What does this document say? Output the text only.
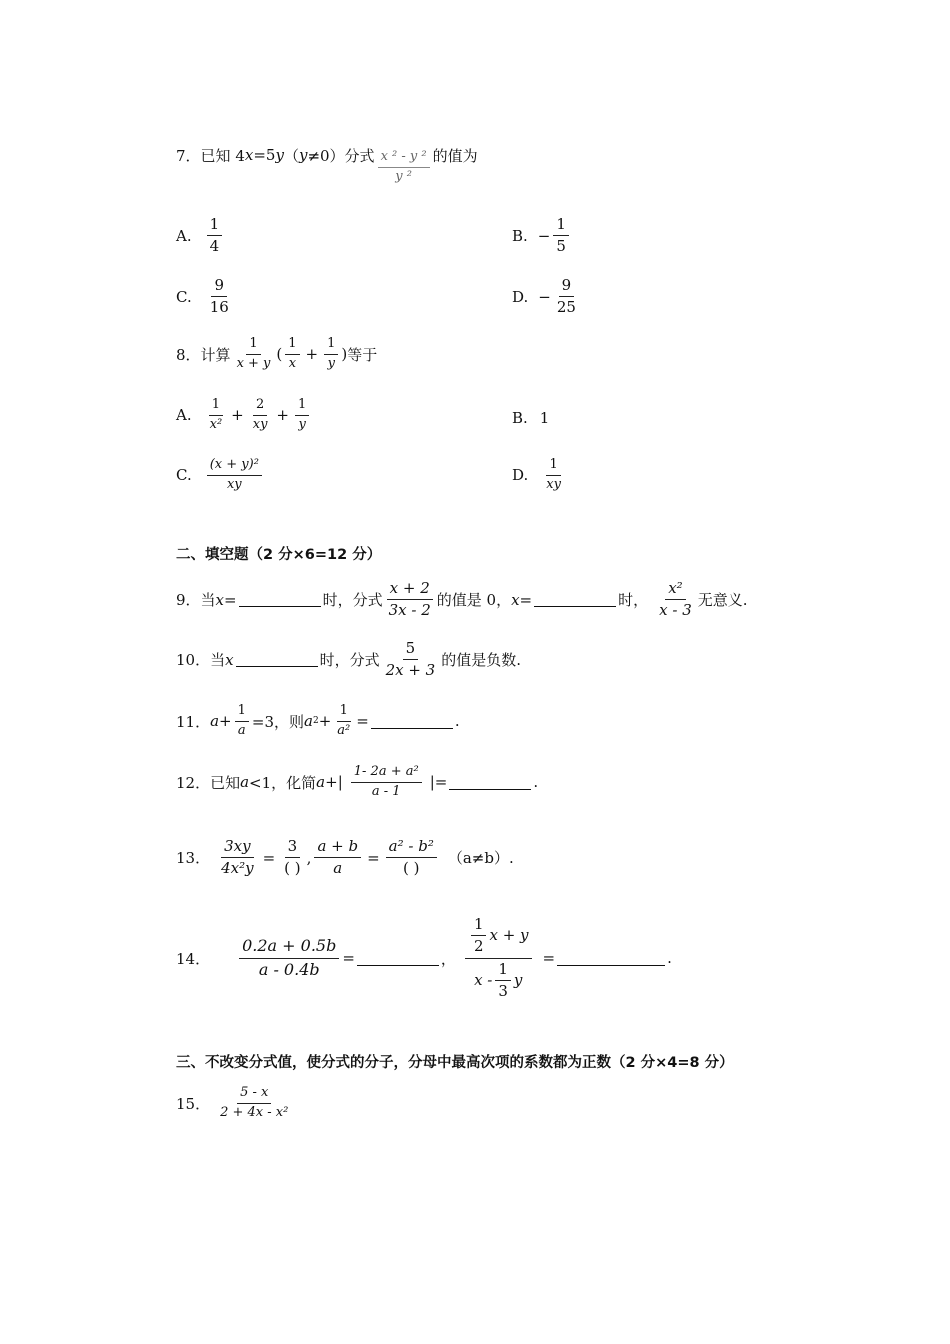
7． 已知 4 x =5 y （ y ≠0）分式 $\frac{\text{x ² - y ²}}{\text{y ²}}$ 的值为
A. $\frac{1}{4}$	B. − $\frac{1}{5}$
C. $\frac{9}{16}$	D. − $\frac{9}{25}$
8． 计算 $\frac{1}{x + y}$ ( $\frac{1}{x} + \frac{1}{y}$ ) 等于
A. $\frac{1}{\text{x²}} + \frac{2}{xy} + \frac{1}{y}$	B. 1
C. $\frac{\text{(x + y)²}}{xy}$	D. $\frac{1}{xy}$
二、填空题（2 分×6=12 分）
9．当 x =	时，分式 $\frac{x + 2}{3x - 2}$ 的值是 0， x =	时， $\frac{\text{x²}}{x - 3}$ 无意义.
10．当 x	时，分式 $\frac{5}{2x + 3}$ 的值是负数.
11． $a + \frac{1}{a} =3$，则 a $2 + \frac{1}{\text{a²}}$ =	.
12．已知 a <1，化简 a +| $\frac{\text{1- 2a + a²}}{a - 1}$ |=	.
13． $\frac{3xy}{\text{4x²y}} = \frac{3}{( )}$ , $\frac{a + b}{a} = \frac{\text{a² - b²}}{( )} (a\ne b)$.
14． $\frac{0.2a + 0.5b}{a - 0.4b}$ =	， $\frac{\frac{1}{2} x + y}{x - \frac{1}{3} y}$ =	.
三、不改变分式值，使分式的分子，分母中最高次项的系数都为正数（2 分×4=8 分）
15． $\frac{5 - x}{\text{2 + 4x - x²}}$
